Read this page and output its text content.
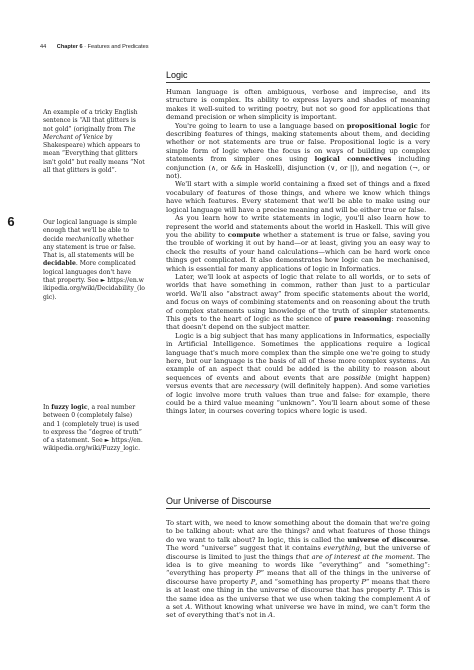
44 Chapter 6 · Features and Predicates
6
Logic

Human language is often ambiguous, verbose and imprecise, and its structure is complex. Its ability to express layers and shades of meaning makes it well-suited to writing poetry, but not so good for applications that demand precision or when simplicity is important.

You're going to learn to use a language based on propositional logic for describing features of things, making statements about them, and deciding whether or not statements are true or false. Propositional logic is a very simple form of logic where the focus is on ways of building up complex statements from simpler ones using logical connectives including conjunction (∧, or && in Haskell), disjunction (∨, or ||), and negation (¬, or not).

We'll start with a simple world containing a fixed set of things and a fixed vocabulary of features of those things, and where we know which things have which features. Every statement that we'll be able to make using our logical language will have a precise meaning and will be either true or false.

As you learn how to write statements in logic, you'll also learn how to represent the world and statements about the world in Haskell. This will give you the ability to compute whether a statement is true or false, saving you the trouble of working it out by hand—or at least, giving you an easy way to check the results of your hand calculations—which can be hard work once things get complicated. It also demonstrates how logic can be mechanised, which is essential for many applications of logic in Informatics.

Later, we'll look at aspects of logic that relate to all worlds, or to sets of worlds that have something in common, rather than just to a particular world. We'll also “abstract away” from specific statements about the world, and focus on ways of combining statements and on reasoning about the truth of complex statements using knowledge of the truth of simpler statements. This gets to the heart of logic as the science of pure reasoning: reasoning that doesn't depend on the subject matter.

Logic is a big subject that has many applications in Informatics, especially in Artificial Intelligence. Sometimes the applications require a logical language that's much more complex than the simple one we're going to study here, but our language is the basis of all of these more complex systems. An example of an aspect that could be added is the ability to reason about sequences of events and about events that are possible (might happen) versus events that are necessary (will definitely happen). And some varieties of logic involve more truth values than true and false: for example, there could be a third value meaning “unknown”. You'll learn about some of these things later, in courses covering topics where logic is used.

Our Universe of Discourse

To start with, we need to know something about the domain that we're going to be talking about: what are the things? and what features of those things do we want to talk about? In logic, this is called the universe of discourse. The word “universe” suggest that it contains everything, but the universe of discourse is limited to just the things that are of interest at the moment. The idea is to give meaning to words like “everything” and “something”: “everything has property P” means that all of the things in the universe of discourse have property P, and “something has property P” means that there is at least one thing in the universe of discourse that has property P. This is the same idea as the universe that we use when taking the complement A of a set A. Without knowing what universe we have in mind, we can't form the set of everything that's not in A.

An example of a tricky English sentence is “All that glitters is not gold” (originally from The Merchant of Venice by Shakespeare) which appears to mean “Everything that glitters isn't gold” but really means “Not all that glitters is gold”.
Our logical language is simple enough that we'll be able to decide mechanically whether any statement is true or false. That is, all statements will be decidable. More complicated logical languages don't have that property. See ► https://en.wikipedia.org/wiki/Decidability_(logic).
In fuzzy logic, a real number between 0 (completely false) and 1 (completely true) is used to express the “degree of truth” of a statement. See ► https://en.wikipedia.org/wiki/Fuzzy_logic.
